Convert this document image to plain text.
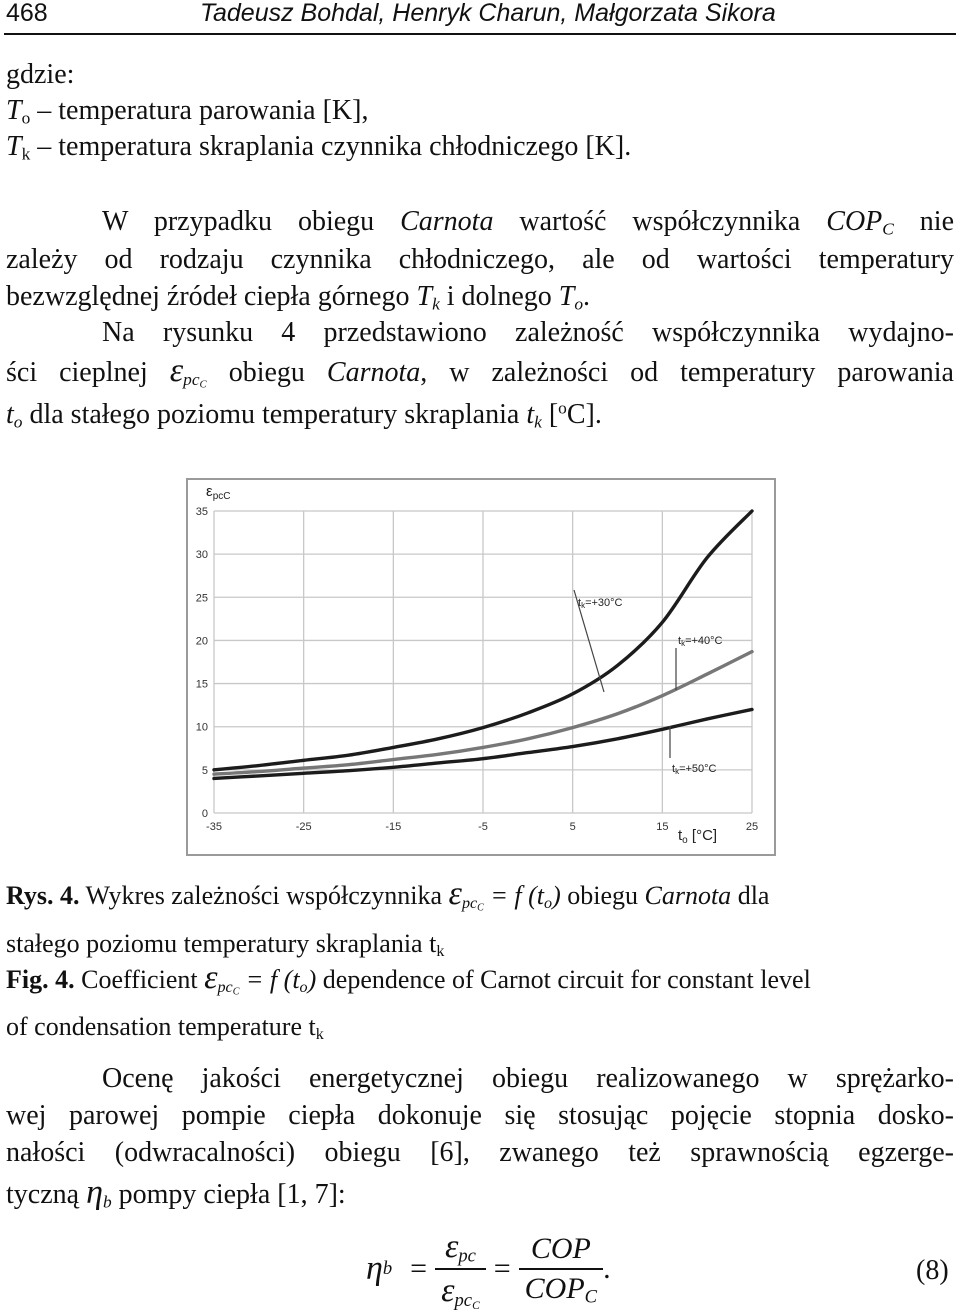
468	Tadeusz Bohdal, Henryk Charun, Małgorzata Sikora
gdzie:
$T_o$ – temperatura parowania [K],
$T_k$ – temperatura skraplania czynnika chłodniczego [K].
W przypadku obiegu Carnota wartość współczynnika $COP_C$ nie
zależy od rodzaju czynnika chłodniczego, ale od wartości temperatury
bezwzględnej źródeł ciepła górnego $T_k$ i dolnego $T_o$.
Na rysunku 4 przedstawiono zależność współczynnika wydajno-
ści cieplnej $\varepsilon_{pc_C}$ obiegu Carnota, w zależności od temperatury parowania
$t_o$ dla stałego poziomu temperatury skraplania $t_k$ [$^o$C].
0
5
10
15
20
25
30
35
-35	-25	-15	-5	5	15	25
tk=+30°C
tk=+40°C
tk=+50°C
$\varepsilon_{pcC}$
$t_o$ [°C]
Rys. 4. Wykres zależności współczynnika $\varepsilon_{pc_C} = f$ $(t_o)$ obiegu Carnota dla
stałego poziomu temperatury skraplania $t_k$
Fig. 4. Coefficient $\varepsilon_{pc_C} = f$ $(t_o)$ dependence of Carnot circuit for constant level
of condensation temperature $t_k$
Ocenę jakości energetycznej obiegu realizowanego w sprężarko-
wej parowej pompie ciepła dokonuje się stosując pojęcie stopnia dosko-
nałości (odwracalności) obiegu [6], zwanego też sprawnością egzerge-
tyczną $\eta_b$ pompy ciepła [1, 7]:
η $b = \frac{\varepsilon_{pc}}{\varepsilon_{pc_C}} = \frac{\text{COP}}{COP_C}$ .	(8)
